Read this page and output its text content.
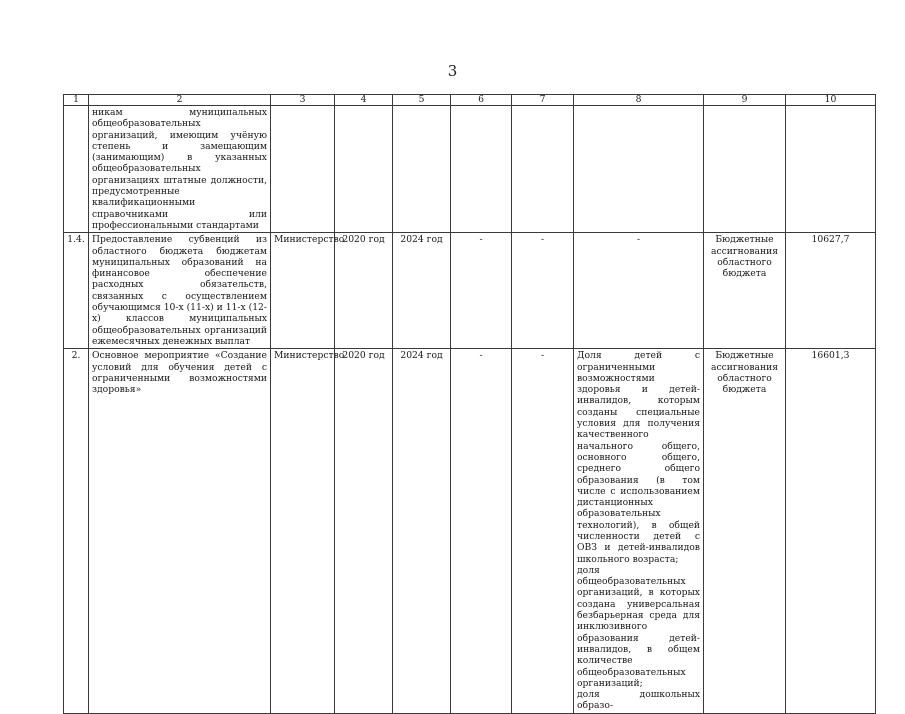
3
1	2	3	4	5	6	7	8	9	10
	никам муниципальных общеобразовательных организаций, имеющим учёную степень и замещающим (занимающим) в указанных общеобразовательных организациях штатные должности, предусмотренные квалификационными справочниками или профессиональными стандартами								
1.4.	Предоставление субвенций из областного бюджета бюджетам муниципальных образований на финансовое обеспечение расходных обязательств, связанных с осуществлением обучающимся 10-х (11-х) и 11-х (12-х) классов муниципальных общеобразовательных организаций ежемесячных денежных выплат	Министерство	2020 год	2024 год	-	-	-	Бюджетные ассигнования областного бюджета	10627,7
2.	Основное мероприятие «Создание условий для обучения детей с ограниченными возможностями здоровья»	Министерство	2020 год	2024 год	-	-	Доля детей с ограниченными возможностями здоровья и детей-инвалидов, которым созданы специальные условия для получения качественного начального общего, основного общего, среднего общего образования (в том числе с использованием дистанционных образовательных технологий), в общей численности детей с ОВЗ и детей-инвалидов школьного возраста;
доля общеобразовательных организаций, в которых создана универсальная безбарьерная среда для инклюзивного образования детей-инвалидов, в общем количестве общеобразовательных организаций;
доля дошкольных образо-	Бюджетные ассигнования областного бюджета	16601,3
